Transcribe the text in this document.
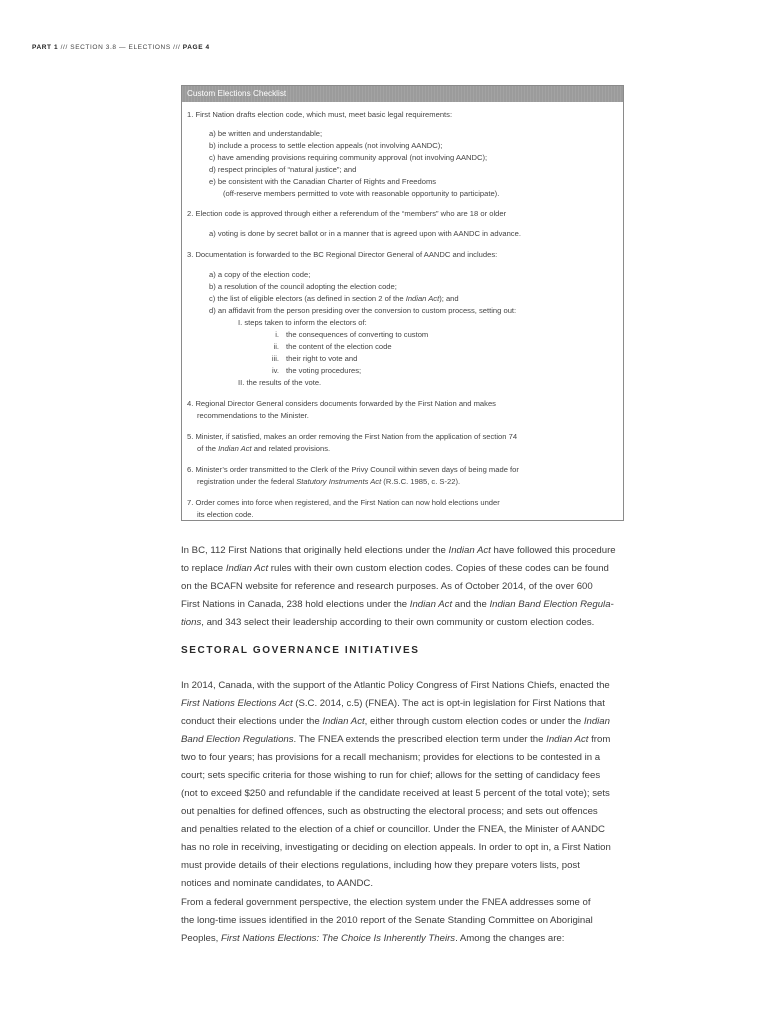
PART 1 /// SECTION 3.8 — ELECTIONS /// PAGE 4
Custom Elections Checklist
1. First Nation drafts election code, which must, meet basic legal requirements:
a) be written and understandable;
b) include a process to settle election appeals (not involving AANDC);
c) have amending provisions requiring community approval (not involving AANDC);
d) respect principles of “natural justice”; and
e) be consistent with the Canadian Charter of Rights and Freedoms
(off-reserve members permitted to vote with reasonable opportunity to participate).
2. Election code is approved through either a referendum of the “members” who are 18 or older
a) voting is done by secret ballot or in a manner that is agreed upon with AANDC in advance.
3. Documentation is forwarded to the BC Regional Director General of AANDC and includes:
a) a copy of the election code;
b) a resolution of the council adopting the election code;
c) the list of eligible electors (as defined in section 2 of the Indian Act); and
d) an affidavit from the person presiding over the conversion to custom process, setting out:
I. steps taken to inform the electors of:
i. the consequences of converting to custom
ii. the content of the election code
iii. their right to vote and
iv. the voting procedures;
II. the results of the vote.
4. Regional Director General considers documents forwarded by the First Nation and makes
recommendations to the Minister.
5. Minister, if satisfied, makes an order removing the First Nation from the application of section 74
of the Indian Act and related provisions.
6. Minister’s order transmitted to the Clerk of the Privy Council within seven days of being made for
registration under the federal Statutory Instruments Act (R.S.C. 1985, c. S-22).
7. Order comes into force when registered, and the First Nation can now hold elections under
its election code.

In BC, 112 First Nations that originally held elections under the Indian Act have followed this procedure

to replace Indian Act rules with their own custom election codes. Copies of these codes can be found

on the BCAFN website for reference and research purposes. As of October 2014, of the over 600

First Nations in Canada, 238 hold elections under the Indian Act and the Indian Band Election Regula-

tions, and 343 select their leadership according to their own community or custom election codes.

SECTORAL GOVERNANCE INITIATIVES

In 2014, Canada, with the support of the Atlantic Policy Congress of First Nations Chiefs, enacted the

First Nations Elections Act (S.C. 2014, c.5) (FNEA). The act is opt-in legislation for First Nations that

conduct their elections under the Indian Act, either through custom election codes or under the Indian

Band Election Regulations. The FNEA extends the prescribed election term under the Indian Act from

two to four years; has provisions for a recall mechanism; provides for elections to be contested in a

court; sets specific criteria for those wishing to run for chief; allows for the setting of candidacy fees

(not to exceed $250 and refundable if the candidate received at least 5 percent of the total vote); sets

out penalties for defined offences, such as obstructing the electoral process; and sets out offences

and penalties related to the election of a chief or councillor. Under the FNEA, the Minister of AANDC

has no role in receiving, investigating or deciding on election appeals. In order to opt in, a First Nation

must provide details of their elections regulations, including how they prepare voters lists, post

notices and nominate candidates, to AANDC.

From a federal government perspective, the election system under the FNEA addresses some of

the long-time issues identified in the 2010 report of the Senate Standing Committee on Aboriginal

Peoples, First Nations Elections: The Choice Is Inherently Theirs. Among the changes are:
